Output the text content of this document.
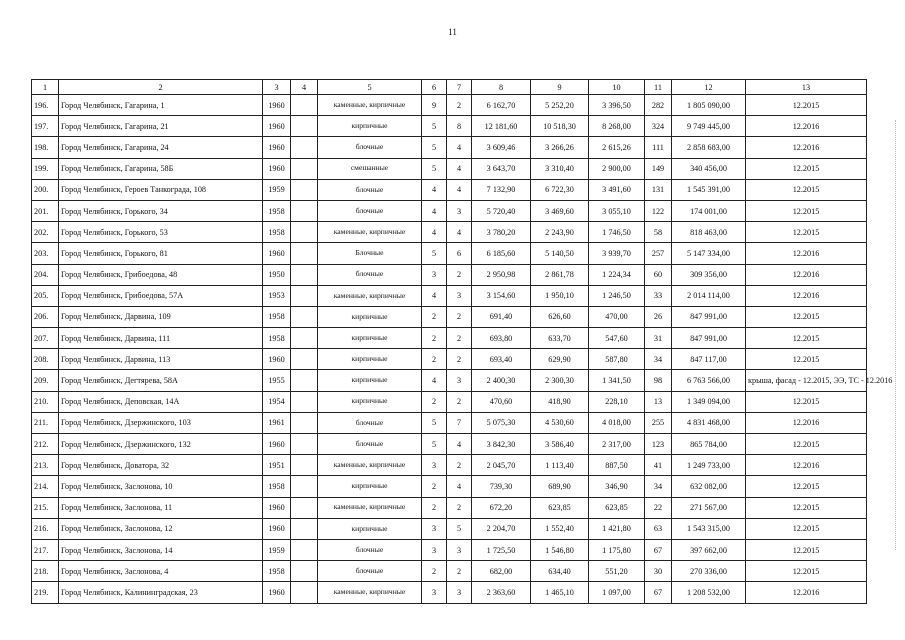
11
1	2	3	4	5	6	7	8	9	10	11	12	13
196.	Город Челябинск, Гагарина, 1	1960		каменные, кирпичные	9	2	6 162,70	5 252,20	3 396,50	282	1 805 090,00	12.2015
197.	Город Челябинск, Гагарина, 21	1960		кирпичные	5	8	12 181,60	10 518,30	8 268,00	324	9 749 445,00	12.2016
198.	Город Челябинск, Гагарина, 24	1960		блочные	5	4	3 609,46	3 266,26	2 615,26	111	2 858 683,00	12.2016
199.	Город Челябинск, Гагарина, 58Б	1960		смешанные	5	4	3 643,70	3 310,40	2 900,00	149	340 456,00	12.2015
200.	Город Челябинск, Героев Танкограда, 108	1959		блочные	4	4	7 132,90	6 722,30	3 491,60	131	1 545 391,00	12.2015
201.	Город Челябинск, Горького, 34	1958		блочные	4	3	5 720,40	3 469,60	3 055,10	122	174 001,00	12.2015
202.	Город Челябинск, Горького, 53	1958		каменные, кирпичные	4	4	3 780,20	2 243,90	1 746,50	58	818 463,00	12.2015
203.	Город Челябинск, Горького, 81	1960		Блочные	5	6	6 185,60	5 140,50	3 939,70	257	5 147 334,00	12.2016
204.	Город Челябинск, Грибоедова, 48	1950		блочные	3	2	2 950,98	2 861,78	1 224,34	60	309 356,00	12.2016
205.	Город Челябинск, Грибоедова, 57А	1953		каменные, кирпичные	4	3	3 154,60	1 950,10	1 246,50	33	2 014 114,00	12.2016
206.	Город Челябинск, Дарвина, 109	1958		кирпичные	2	2	691,40	626,60	470,00	26	847 991,00	12.2015
207.	Город Челябинск, Дарвина, 111	1958		кирпичные	2	2	693,80	633,70	547,60	31	847 991,00	12.2015
208.	Город Челябинск, Дарвина, 113	1960		кирпичные	2	2	693,40	629,90	587,80	34	847 117,00	12.2015
209.	Город Челябинск, Дегтярева, 58А	1955		кирпичные	4	3	2 400,30	2 300,30	1 341,50	98	6 763 566,00	крыша, фасад - 12.2015, ЭЭ, ТС - 12.2016
210.	Город Челябинск, Деповская, 14А	1954		кирпичные	2	2	470,60	418,90	228,10	13	1 349 094,00	12.2015
211.	Город Челябинск, Дзержинского, 103	1961		блочные	5	7	5 075,30	4 530,60	4 018,00	255	4 831 468,00	12.2016
212.	Город Челябинск, Дзержинского, 132	1960		блочные	5	4	3 842,30	3 586,40	2 317,00	123	865 784,00	12.2015
213.	Город Челябинск, Доватора, 32	1951		каменные, кирпичные	3	2	2 045,70	1 113,40	887,50	41	1 249 733,00	12.2016
214.	Город Челябинск, Заслонова, 10	1958		кирпичные	2	4	739,30	689,90	346,90	34	632 082,00	12.2015
215.	Город Челябинск, Заслонова, 11	1960		каменные, кирпичные	2	2	672,20	623,85	623,85	22	271 567,00	12.2015
216.	Город Челябинск, Заслонова, 12	1960		кирпичные	3	5	2 204,70	1 552,40	1 421,80	63	1 543 315,00	12.2015
217.	Город Челябинск, Заслонова, 14	1959		блочные	3	3	1 725,50	1 546,80	1 175,80	67	397 662,00	12.2015
218.	Город Челябинск, Заслонова, 4	1958		блочные	2	2	682,00	634,40	551,20	30	270 336,00	12.2015
219.	Город Челябинск, Калининградская, 23	1960		каменные, кирпичные	3	3	2 363,60	1 465,10	1 097,00	67	1 208 532,00	12.2016
